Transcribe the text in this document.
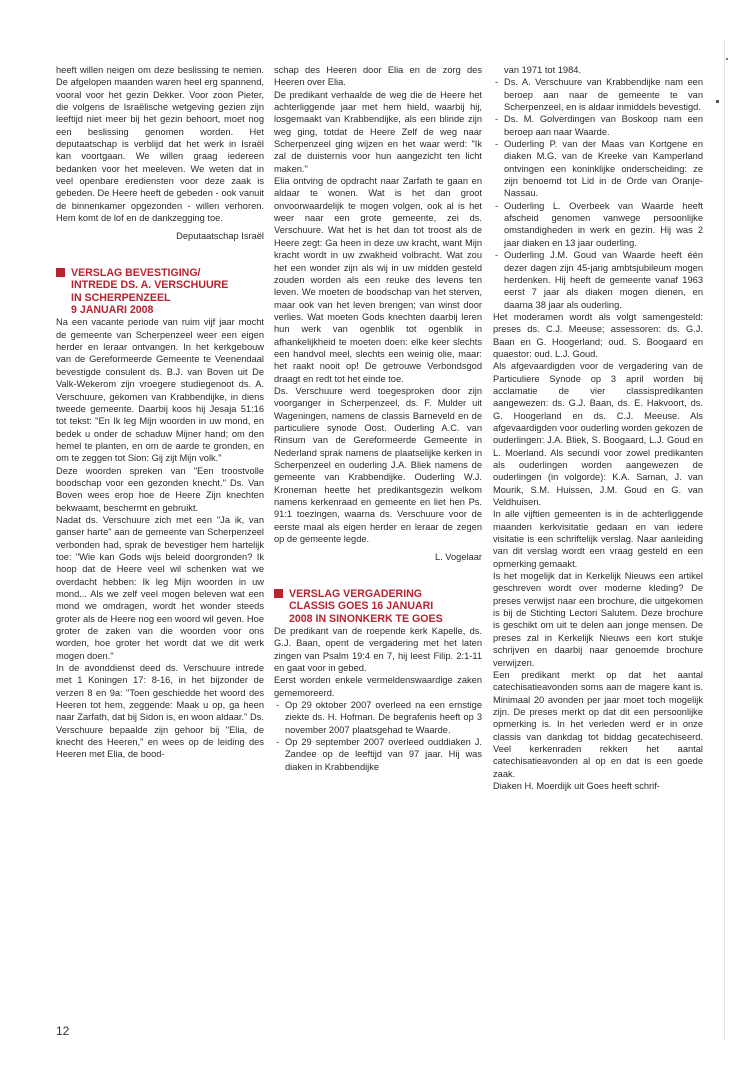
heeft willen neigen om deze beslissing te nemen. De afgelopen maanden waren heel erg spannend, vooral voor het gezin Dekker. Voor zoon Pieter, die volgens de Israëlische wetgeving gezien zijn leeftijd niet meer bij het gezin behoort, moet nog een beslissing genomen worden. Het deputaatschap is verblijd dat het werk in Israël kan voortgaan. We willen graag iedereen bedanken voor het meeleven. We weten dat in veel openbare erediensten voor deze zaak is gebeden. De Heere heeft de gebeden - ook vanuit de binnenkamer opgezonden - willen verhoren. Hem komt de lof en de dankzegging toe.

Deputaatschap Israël

VERSLAG BEVESTIGING/
INTREDE DS. A. VERSCHUURE
IN SCHERPENZEEL
9 JANUARI 2008

Na een vacante periode van ruim vijf jaar mocht de gemeente van Scherpenzeel weer een eigen herder en leraar ontvangen. In het kerkgebouw van de Gereformeerde Gemeente te Veenendaal bevestigde consulent ds. B.J. van Boven uit De Valk-Wekerom zijn vroegere studiegenoot ds. A. Verschuure, gekomen van Krabbendijke, in diens tweede gemeente. Daarbij koos hij Jesaja 51:16 tot tekst: "En Ik leg Mijn woorden in uw mond, en bedek u onder de schaduw Mijner hand; om den hemel te planten, en om de aarde te gronden, en om te zeggen tot Sion: Gij zijt Mijn volk."

Deze woorden spreken van "Een troostvolle boodschap voor een gezonden knecht." Ds. Van Boven wees erop hoe de Heere Zijn knechten bekwaamt, beschermt en gebruikt.

Nadat ds. Verschuure zich met een "Ja ik, van ganser harte" aan de gemeente van Scherpenzeel verbonden had, sprak de bevestiger hem hartelijk toe: "Wie kan Gods wijs beleid doorgronden? Ik hoop dat de Heere veel wil schenken wat we overdacht hebben: Ik leg Mijn woorden in uw mond... Als we zelf veel mogen beleven wat een mond we omdragen, wordt het wonder steeds groter als de Heere nog een woord wil geven. Hoe groter de zaken van die woorden voor ons worden, hoe groter het wordt dat we dit werk mogen doen."

In de avonddienst deed ds. Verschuure intrede met 1 Koningen 17: 8-16, in het bijzonder de verzen 8 en 9a: "Toen geschiedde het woord des Heeren tot hem, zeggende: Maak u op, ga heen naar Zarfath, dat bij Sidon is, en woon aldaar." Ds. Verschuure bepaalde zijn gehoor bij "Elia, de knecht des Heeren," en wees op de leiding des Heeren met Elia, de bood-

schap des Heeren door Elia en de zorg des Heeren over Elia.

De predikant verhaalde de weg die de Heere het achterliggende jaar met hem hield, waarbij hij, losgemaakt van Krabbendijke, als een blinde zijn weg ging, totdat de Heere Zelf de weg naar Scherpenzeel ging wijzen en het waar werd: "Ik zal de duisternis voor hun aangezicht ten licht maken."

Elia ontving de opdracht naar Zarfath te gaan en aldaar te wonen. Wat is het dan groot onvoorwaardelijk te mogen volgen, ook al is het weer naar een grote gemeente, zei ds. Verschuure. Wat het is het dan tot troost als de Heere zegt: Ga heen in deze uw kracht, want Mijn kracht wordt in uw zwakheid volbracht. Wat zou het een wonder zijn als wij in uw midden gesteld zouden worden als een reuke des levens ten leven. We moeten de boodschap van het sterven, maar ook van het leven brengen; van winst door verlies. Wat moeten Gods knechten daarbij leren hun werk van ogenblik tot ogenblik in afhankelijkheid te moeten doen: elke keer slechts een handvol meel, slechts een weinig olie, maar: het raakt nooit op! De getrouwe Verbondsgod draagt en redt tot het einde toe.

Ds. Verschuure werd toegesproken door zijn voorganger in Scherpenzeel, ds. F. Mulder uit Wageningen, namens de classis Barneveld en de particuliere synode Oost. Ouderling A.C. van Rinsum van de Gereformeerde Gemeente in Nederland sprak namens de plaatselijke kerken in Scherpenzeel en ouderling J.A. Bliek namens de gemeente van Krabbendijke. Ouderling W.J. Kroneman heette het predikantsgezin welkom namens kerkenraad en gemeente en liet hen Ps. 91:1 toezingen, waarna ds. Verschuure voor de eerste maal als eigen herder en leraar de zegen op de gemeente legde.

L. Vogelaar

VERSLAG VERGADERING
CLASSIS GOES 16 JANUARI
2008 IN SINONKERK TE GOES

De predikant van de roepende kerk Kapelle, ds. G.J. Baan, opent de vergadering met het laten zingen van Psalm 19:4 en 7, hij leest Filip. 2:1-11 en gaat voor in gebed.

Eerst worden enkele vermeldenswaardige zaken gememoreerd.

- Op 29 oktober 2007 overleed na een ernstige ziekte ds. H. Hofman. De begrafenis heeft op 3 november 2007 plaatsgehad te Waarde.

- Op 29 september 2007 overleed ouddiaken J. Zandee op de leeftijd van 97 jaar. Hij was diaken in Krabbendijke

van 1971 tot 1984.

- Ds. A. Verschuure van Krabbendijke nam een beroep aan naar de gemeente te van Scherpenzeel, en is aldaar inmiddels bevestigd.

- Ds. M. Golverdingen van Boskoop nam een beroep aan naar Waarde.

- Ouderling P. van der Maas van Kortgene en diaken M.G. van de Kreeke van Kamperland ontvingen een koninklijke onderscheiding: ze zijn benoemd tot Lid in de Orde van Oranje-Nassau.

- Ouderling L. Overbeek van Waarde heeft afscheid genomen vanwege persoonlijke omstandigheden in werk en gezin. Hij was 2 jaar diaken en 13 jaar ouderling.

- Ouderling J.M. Goud van Waarde heeft één dezer dagen zijn 45-jarig ambtsjubileum mogen herdenken. Hij heeft de gemeente vanaf 1963 eerst 7 jaar als diaken mogen dienen, en daarna 38 jaar als ouderling.

Het moderamen wordt als volgt samengesteld: preses ds. C.J. Meeuse; assessoren: ds. G.J. Baan en G. Hoogerland; oud. S. Boogaard en quaestor: oud. L.J. Goud.

Als afgevaardigden voor de vergadering van de Particuliere Synode op 3 april worden bij acclamatie de vier classispredikanten aangewezen: ds. G.J. Baan, ds. E. Hakvoort, ds. G. Hoogerland en ds. C.J. Meeuse. Als afgevaardigden voor ouderling worden gekozen de ouderlingen: J.A. Bliek, S. Boogaard, L.J. Goud en L. Moerland. Als secundi voor zowel predikanten als ouderlingen worden aangewezen de ouderlingen (in volgorde): K.A. Saman, J. van Mourik, S.M. Huissen, J.M. Goud en G. van Veldhuisen.

In alle vijftien gemeenten is in de achterliggende maanden kerkvisitatie gedaan en van iedere visitatie is een schriftelijk verslag. Naar aanleiding van dit verslag wordt een vraag gesteld en een opmerking gemaakt.

Is het mogelijk dat in Kerkelijk Nieuws een artikel geschreven wordt over moderne kleding? De preses verwijst naar een brochure, die uitgekomen is bij de Stichting Lectori Salutem. Deze brochure is geschikt om uit te delen aan jonge mensen. De preses zal in Kerkelijk Nieuws een kort stukje schrijven en daarbij naar genoemde brochure verwijzen.

Een predikant merkt op dat het aantal catechisatieavonden soms aan de magere kant is. Minimaal 20 avonden per jaar moet toch mogelijk zijn. De preses merkt op dat dit een persoonlijke opmerking is. In het verleden werd er in onze classis van dankdag tot biddag gecatechiseerd. Veel kerkenraden rekken het aantal catechisatieavonden al op en dat is een goede zaak.

Diaken H. Moerdijk uit Goes heeft schrif-

12
